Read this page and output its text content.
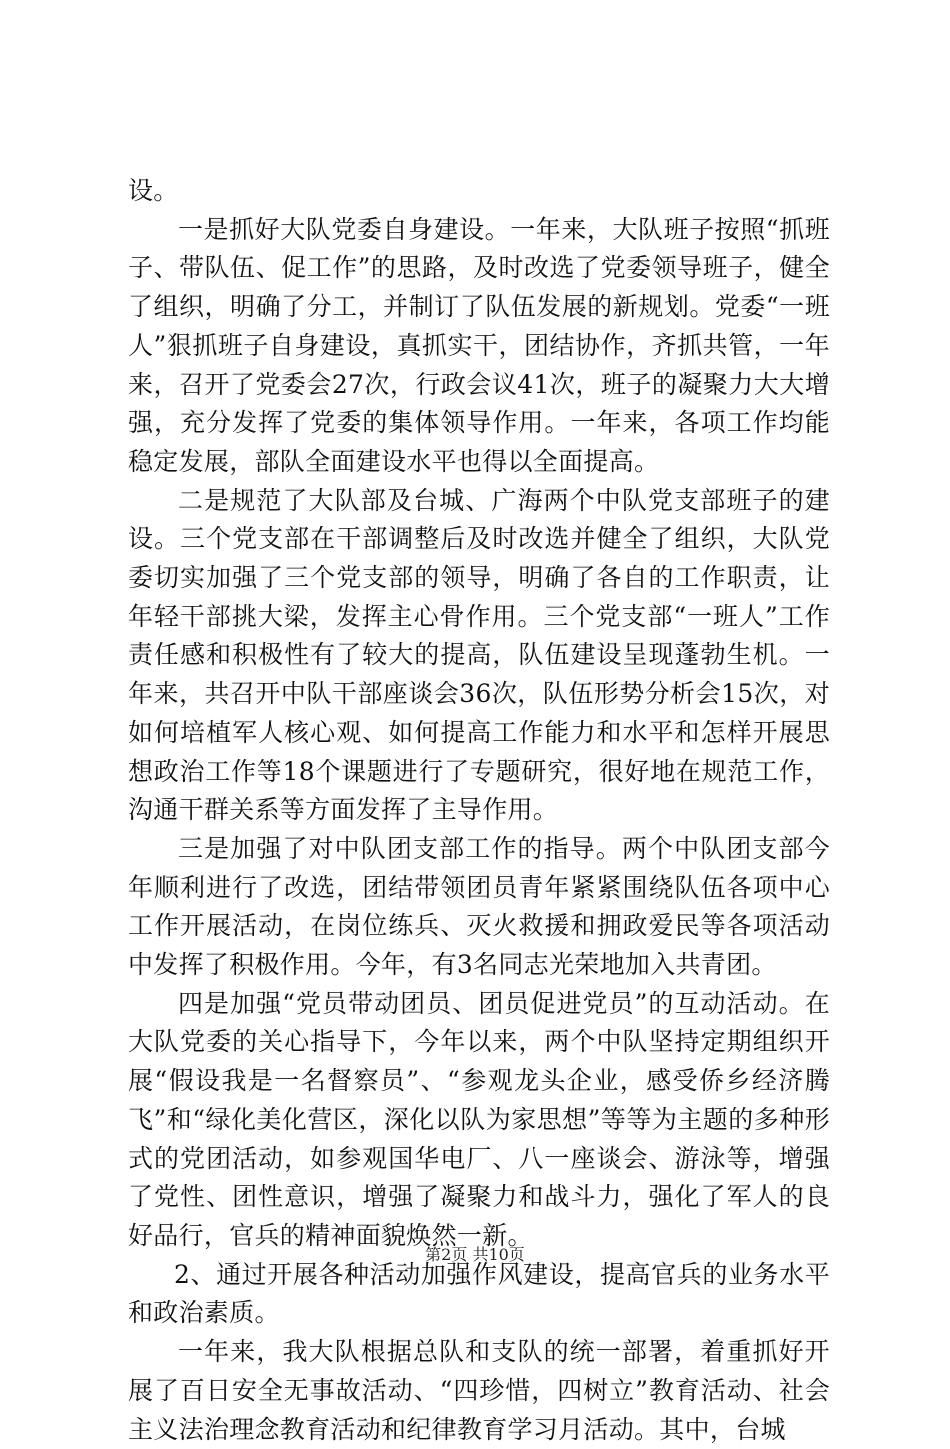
设。

一是抓好大队党委自身建设。一年来，大队班子按照“抓班子、带队伍、促工作”的思路，及时改选了党委领导班子，健全了组织，明确了分工，并制订了队伍发展的新规划。党委“一班人”狠抓班子自身建设，真抓实干，团结协作，齐抓共管，一年来，召开了党委会27次，行政会议41次，班子的凝聚力大大增强，充分发挥了党委的集体领导作用。一年来，各项工作均能稳定发展，部队全面建设水平也得以全面提高。

二是规范了大队部及台城、广海两个中队党支部班子的建设。三个党支部在干部调整后及时改选并健全了组织，大队党委切实加强了三个党支部的领导，明确了各自的工作职责，让年轻干部挑大梁，发挥主心骨作用。三个党支部“一班人”工作责任感和积极性有了较大的提高，队伍建设呈现蓬勃生机。一年来，共召开中队干部座谈会36次，队伍形势分析会15次，对如何培植军人核心观、如何提高工作能力和水平和怎样开展思想政治工作等18个课题进行了专题研究，很好地在规范工作，沟通干群关系等方面发挥了主导作用。

三是加强了对中队团支部工作的指导。两个中队团支部今年顺利进行了改选，团结带领团员青年紧紧围绕队伍各项中心工作开展活动，在岗位练兵、灭火救援和拥政爱民等各项活动中发挥了积极作用。今年，有3名同志光荣地加入共青团。

四是加强“党员带动团员、团员促进党员”的互动活动。在大队党委的关心指导下，今年以来，两个中队坚持定期组织开展“假设我是一名督察员”、“参观龙头企业，感受侨乡经济腾飞”和“绿化美化营区，深化以队为家思想”等等为主题的多种形式的党团活动，如参观国华电厂、八一座谈会、游泳等，增强了党性、团性意识，增强了凝聚力和战斗力，强化了军人的良好品行，官兵的精神面貌焕然一新。

2、通过开展各种活动加强作风建设，提高官兵的业务水平和政治素质。

一年来，我大队根据总队和支队的统一部署，着重抓好开展了百日安全无事故活动、“四珍惜，四树立”教育活动、社会主义法治理念教育活动和纪律教育学习月活动。其中，台城

第2页 共10页
